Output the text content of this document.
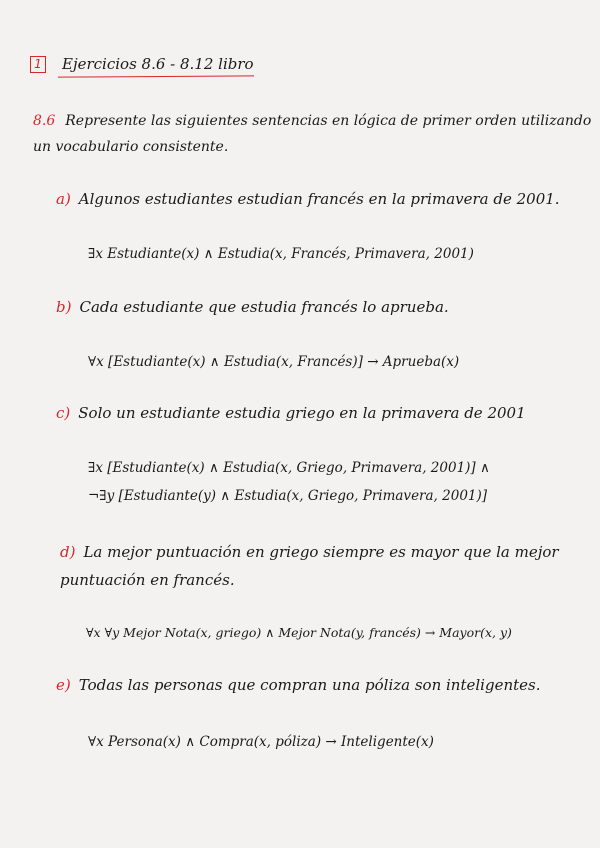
1 Ejercicios 8.6 - 8.12 libro
8.6 Represente las siguientes sentencias en lógica de primer orden utilizando un vocabulario consistente.
a) Algunos estudiantes estudian francés en la primavera de 2001.
∃x Estudiante(x) ∧ Estudia(x, Francés, Primavera, 2001)
b) Cada estudiante que estudia francés lo aprueba.
∀x [Estudiante(x) ∧ Estudia(x, Francés)] → Apruebа(x)
c) Solo un estudiante estudia griego en la primavera de 2001
∃x [Estudiante(x) ∧ Estudia(x, Griego, Primavera, 2001)] ∧
¬∃y [Estudiante(y) ∧ Estudia(x, Griego, Primavera, 2001)]
d) La mejor puntuación en griego siempre es mayor que la mejor puntuación en francés.
∀x ∀y Mejor Nota(x, griego) ∧ Mejor Nota(y, francés) → Mayor(x, y)
e) Todas las personas que compran una póliza son inteligentes.
∀x Persona(x) ∧ Compra(x, póliza) → Inteligente(x)
